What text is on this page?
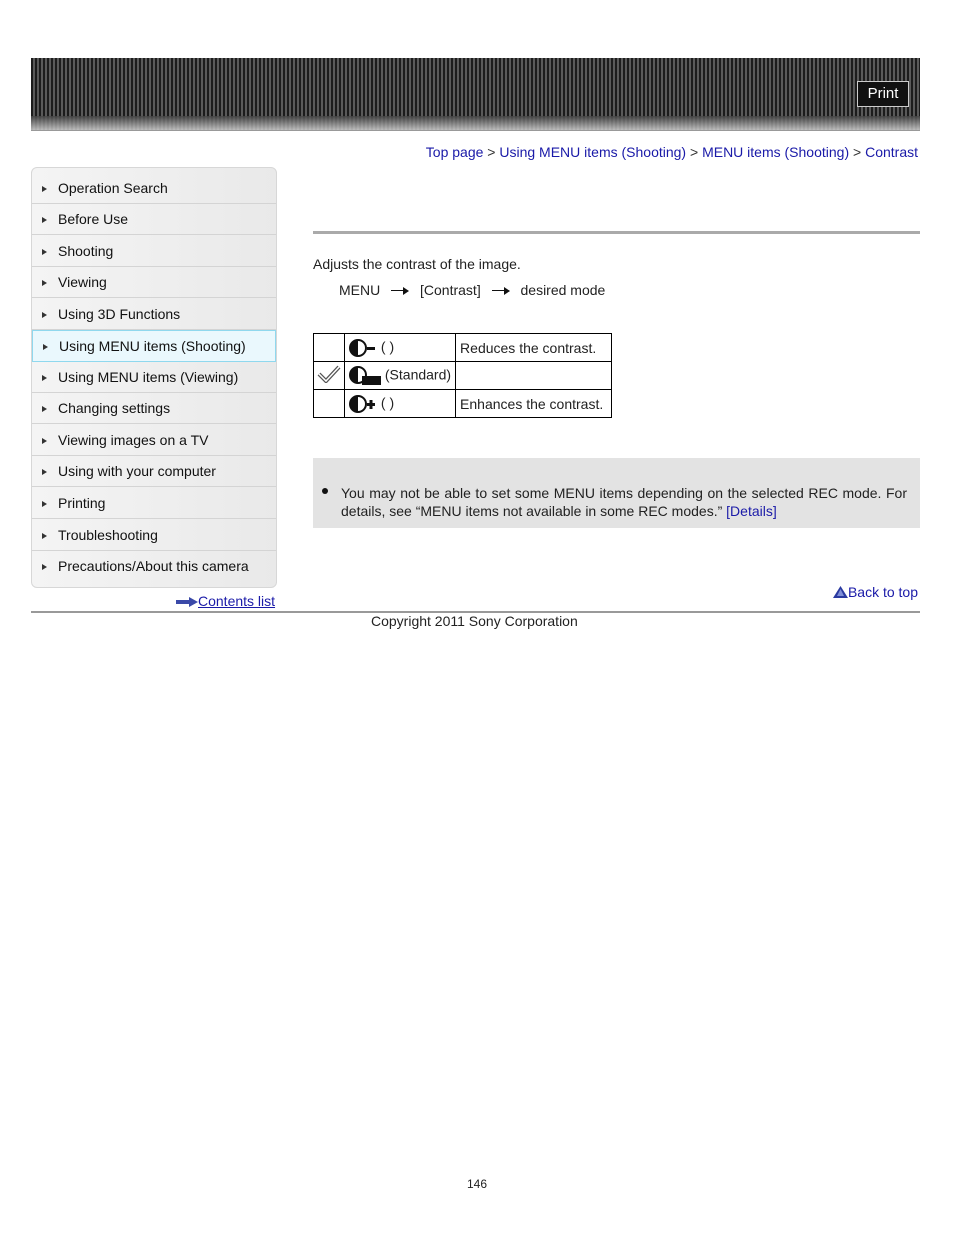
Print
Top page > Using MENU items (Shooting) > MENU items (Shooting) > Contrast
Operation Search
Before Use
Shooting
Viewing
Using 3D Functions
Using MENU items (Shooting)
Using MENU items (Viewing)
Changing settings
Viewing images on a TV
Using with your computer
Printing
Troubleshooting
Precautions/About this camera
Contents list
Adjusts the contrast of the image.
MENU	[Contrast]	desired mode
	( )	Reduces the contrast.
	(Standard)	
	( )	Enhances the contrast.
You may not be able to set some MENU items depending on the selected REC mode. For details, see “MENU items not available in some REC modes.” [Details]
Back to top
Copyright 2011 Sony Corporation
146
